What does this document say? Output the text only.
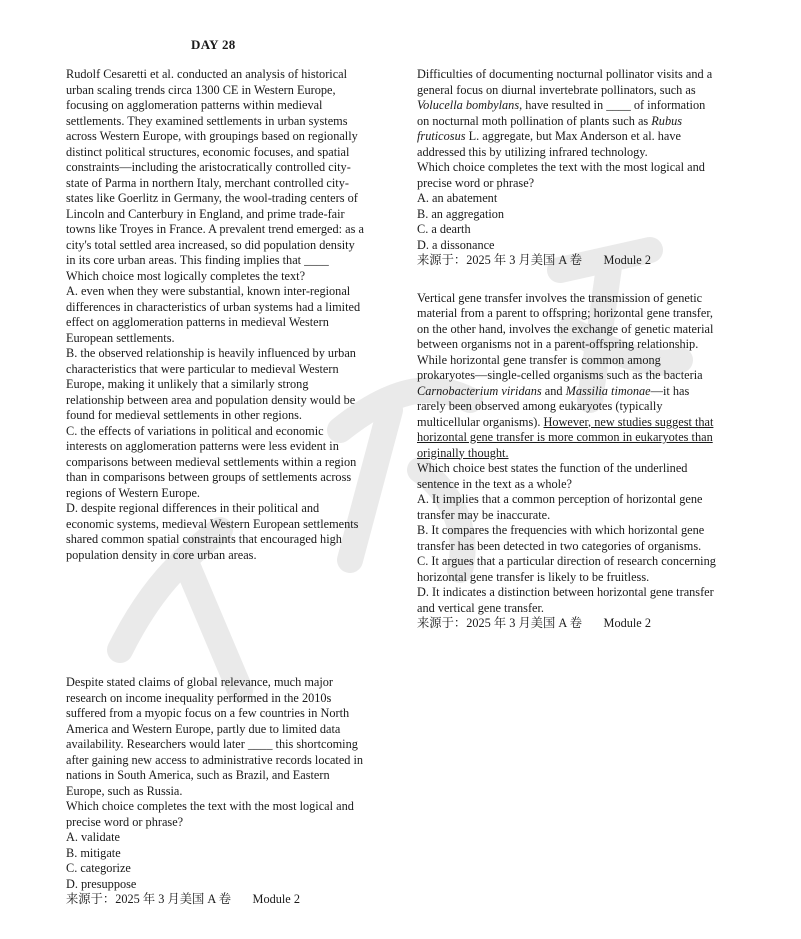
DAY 28

Rudolf Cesaretti et al. conducted an analysis of historical urban scaling trends circa 1300 CE in Western Europe, focusing on agglomeration patterns within medieval settlements. They examined settlements in urban systems across Western Europe, with groupings based on regionally distinct political structures, economic focuses, and spatial constraints—including the aristocratically controlled city-state of Parma in northern Italy, merchant controlled city-states like Goerlitz in Germany, the wool-trading centers of Lincoln and Canterbury in England, and prime trade-fair towns like Troyes in France. A prevalent trend emerged: as a city's total settled area increased, so did population density in its core urban areas. This finding implies that ____

Which choice most logically completes the text?

A. even when they were substantial, known inter-regional differences in characteristics of urban systems had a limited effect on agglomeration patterns in medieval Western European settlements.

B. the observed relationship is heavily influenced by urban characteristics that were particular to medieval Western Europe, making it unlikely that a similarly strong relationship between area and population density would be found for medieval settlements in other regions.

C. the effects of variations in political and economic interests on agglomeration patterns were less evident in comparisons between medieval settlements within a region than in comparisons between groups of settlements across regions of Western Europe.

D. despite regional differences in their political and economic systems, medieval Western European settlements shared common spatial constraints that encouraged high population density in core urban areas.

Despite stated claims of global relevance, much major research on income inequality performed in the 2010s suffered from a myopic focus on a few countries in North America and Western Europe, partly due to limited data availability. Researchers would later ____ this shortcoming after gaining new access to administrative records located in nations in South America, such as Brazil, and Eastern Europe, such as Russia.

Which choice completes the text with the most logical and precise word or phrase?

A. validate

B. mitigate

C. categorize

D. presuppose

来源于：2025 年 3 月美国 A 卷       Module 2

Difficulties of documenting nocturnal pollinator visits and a general focus on diurnal invertebrate pollinators, such as Volucella bombylans, have resulted in ____ of information on nocturnal moth pollination of plants such as Rubus fruticosus L. aggregate, but Max Anderson et al. have addressed this by utilizing infrared technology.

Which choice completes the text with the most logical and precise word or phrase?

A. an abatement

B. an aggregation

C. a dearth

D. a dissonance

来源于：2025 年 3 月美国 A 卷       Module 2

Vertical gene transfer involves the transmission of genetic material from a parent to offspring; horizontal gene transfer, on the other hand, involves the exchange of genetic material between organisms not in a parent-offspring relationship. While horizontal gene transfer is common among prokaryotes—single-celled organisms such as the bacteria Carnobacterium viridans and Massilia timonae—it has rarely been observed among eukaryotes (typically multicellular organisms). However, new studies suggest that horizontal gene transfer is more common in eukaryotes than originally thought.

Which choice best states the function of the underlined sentence in the text as a whole?

A. It implies that a common perception of horizontal gene transfer may be inaccurate.

B. It compares the frequencies with which horizontal gene transfer has been detected in two categories of organisms.

C. It argues that a particular direction of research concerning horizontal gene transfer is likely to be fruitless.

D. It indicates a distinction between horizontal gene transfer and vertical gene transfer.

来源于：2025 年 3 月美国 A 卷       Module 2
